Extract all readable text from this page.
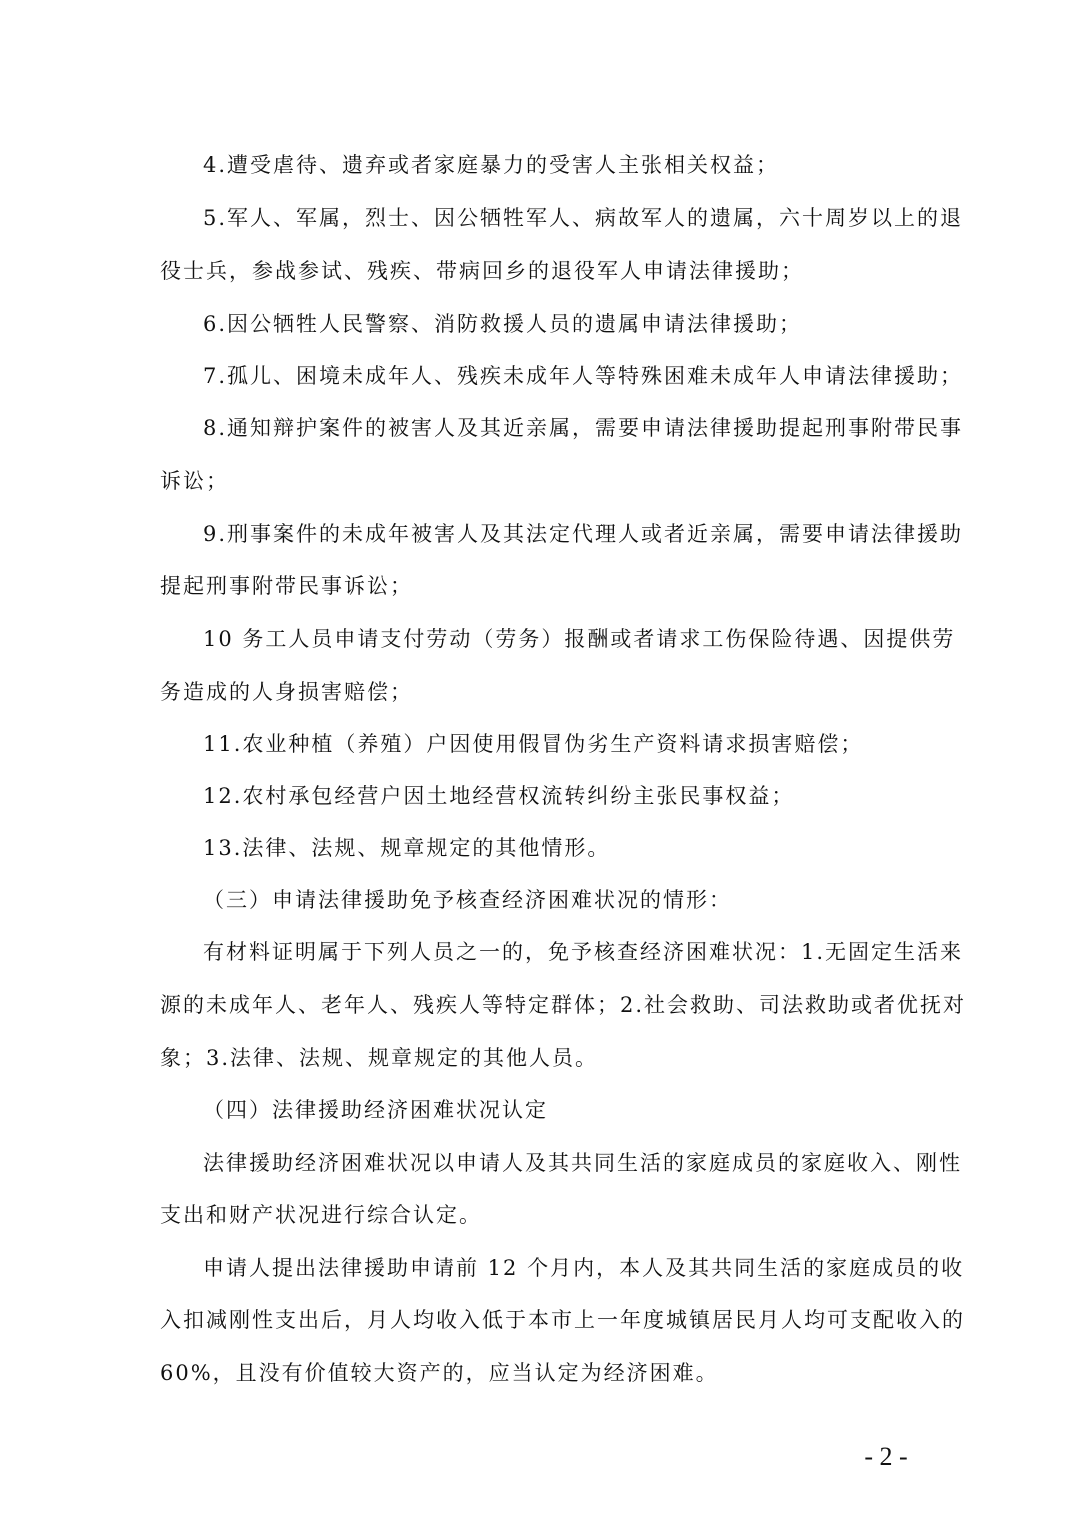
4.遭受虐待、遗弃或者家庭暴力的受害人主张相关权益；
5.军人、军属，烈士、因公牺牲军人、病故军人的遗属，六十周岁以上的退
役士兵，参战参试、残疾、带病回乡的退役军人申请法律援助；
6.因公牺牲人民警察、消防救援人员的遗属申请法律援助；
7.孤儿、困境未成年人、残疾未成年人等特殊困难未成年人申请法律援助；
8.通知辩护案件的被害人及其近亲属，需要申请法律援助提起刑事附带民事
诉讼；
9.刑事案件的未成年被害人及其法定代理人或者近亲属，需要申请法律援助
提起刑事附带民事诉讼；
10 务工人员申请支付劳动（劳务）报酬或者请求工伤保险待遇、因提供劳
务造成的人身损害赔偿；
11.农业种植（养殖）户因使用假冒伪劣生产资料请求损害赔偿；
12.农村承包经营户因土地经营权流转纠纷主张民事权益；
13.法律、法规、规章规定的其他情形。
（三）申请法律援助免予核查经济困难状况的情形：
有材料证明属于下列人员之一的，免予核查经济困难状况：1.无固定生活来
源的未成年人、老年人、残疾人等特定群体；2.社会救助、司法救助或者优抚对
象；3.法律、法规、规章规定的其他人员。
（四）法律援助经济困难状况认定
法律援助经济困难状况以申请人及其共同生活的家庭成员的家庭收入、刚性
支出和财产状况进行综合认定。
申请人提出法律援助申请前 12 个月内，本人及其共同生活的家庭成员的收
入扣减刚性支出后，月人均收入低于本市上一年度城镇居民月人均可支配收入的
60%，且没有价值较大资产的，应当认定为经济困难。
- 2 -
